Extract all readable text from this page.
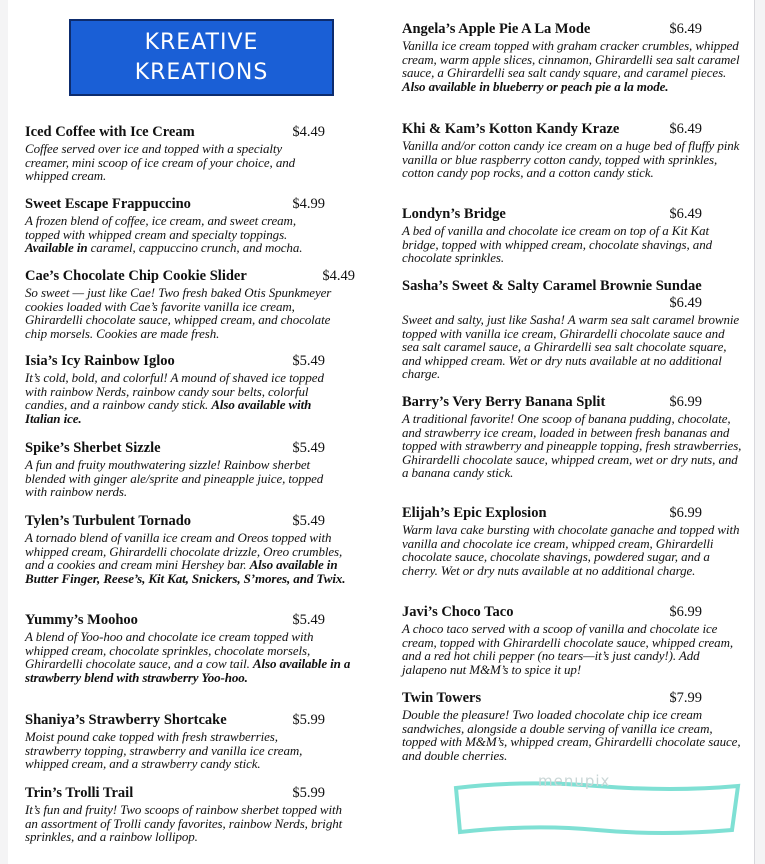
KREATIVE
KREATIONS
Iced Coffee with Ice Cream	$4.49
Coffee served over ice and topped with a specialty creamer, mini scoop of ice cream of your choice, and whipped cream.
Sweet Escape Frappuccino	$4.99
A frozen blend of coffee, ice cream, and sweet cream, topped with whipped cream and specialty toppings. Available in caramel, cappuccino crunch, and mocha.
Cae’s Chocolate Chip Cookie Slider	$4.49
So sweet — just like Cae! Two fresh baked Otis Spunkmeyer cookies loaded with Cae’s favorite vanilla ice cream, Ghirardelli chocolate sauce, whipped cream, and chocolate chip morsels. Cookies are made fresh.
Isia’s Icy Rainbow Igloo	$5.49
It’s cold, bold, and colorful! A mound of shaved ice topped with rainbow Nerds, rainbow candy sour belts, colorful candies, and a rainbow candy stick. Also available with Italian ice.
Spike’s Sherbet Sizzle	$5.49
A fun and fruity mouthwatering sizzle! Rainbow sherbet blended with ginger ale/sprite and pineapple juice, topped with rainbow nerds.
Tylen’s Turbulent Tornado	$5.49
A tornado blend of vanilla ice cream and Oreos topped with whipped cream, Ghirardelli chocolate drizzle, Oreo crumbles, and a cookies and cream mini Hershey bar. Also available in Butter Finger, Reese’s, Kit Kat, Snickers, S’mores, and Twix.
Yummy’s Moohoo	$5.49
A blend of Yoo-hoo and chocolate ice cream topped with whipped cream, chocolate sprinkles, chocolate morsels, Ghirardelli chocolate sauce, and a cow tail. Also available in a strawberry blend with strawberry Yoo-hoo.
Shaniya’s Strawberry Shortcake	$5.99
Moist pound cake topped with fresh strawberries, strawberry topping, strawberry and vanilla ice cream, whipped cream, and a strawberry candy stick.
Trin’s Trolli Trail	$5.99
It’s fun and fruity! Two scoops of rainbow sherbet topped with an assortment of Trolli candy favorites, rainbow Nerds, bright sprinkles, and a rainbow lollipop.
Angela’s Apple Pie A La Mode	$6.49
Vanilla ice cream topped with graham cracker crumbles, whipped cream, warm apple slices, cinnamon, Ghirardelli sea salt caramel sauce, a Ghirardelli sea salt candy square, and caramel pieces. Also available in blueberry or peach pie a la mode.
Khi & Kam’s Kotton Kandy Kraze	$6.49
Vanilla and/or cotton candy ice cream on a huge bed of fluffy pink vanilla or blue raspberry cotton candy, topped with sprinkles, cotton candy pop rocks, and a cotton candy stick.
Londyn’s Bridge	$6.49
A bed of vanilla and chocolate ice cream on top of a Kit Kat bridge, topped with whipped cream, chocolate shavings, and chocolate sprinkles.
Sasha’s Sweet & Salty Caramel Brownie Sundae
$6.49
Sweet and salty, just like Sasha! A warm sea salt caramel brownie topped with vanilla ice cream, Ghirardelli chocolate sauce and sea salt caramel sauce, a Ghirardelli sea salt chocolate square, and whipped cream. Wet or dry nuts available at no additional charge.
Barry’s Very Berry Banana Split	$6.99
A traditional favorite! One scoop of banana pudding, chocolate, and strawberry ice cream, loaded in between fresh bananas and topped with strawberry and pineapple topping, fresh strawberries, Ghirardelli chocolate sauce, whipped cream, wet or dry nuts, and a banana candy stick.
Elijah’s Epic Explosion	$6.99
Warm lava cake bursting with chocolate ganache and topped with vanilla and chocolate ice cream, whipped cream, Ghirardelli chocolate sauce, chocolate shavings, powdered sugar, and a cherry. Wet or dry nuts available at no additional charge.
Javi’s Choco Taco	$6.99
A choco taco served with a scoop of vanilla and chocolate ice cream, topped with Ghirardelli chocolate sauce, whipped cream, and a red hot chili pepper (no tears—it’s just candy!). Add jalapeno nut M&M’s to spice it up!
Twin Towers	$7.99
Double the pleasure! Two loaded chocolate chip ice cream sandwiches, alongside a double serving of vanilla ice cream, topped with M&M’s, whipped cream, Ghirardelli chocolate sauce, and double cherries.
menupix
